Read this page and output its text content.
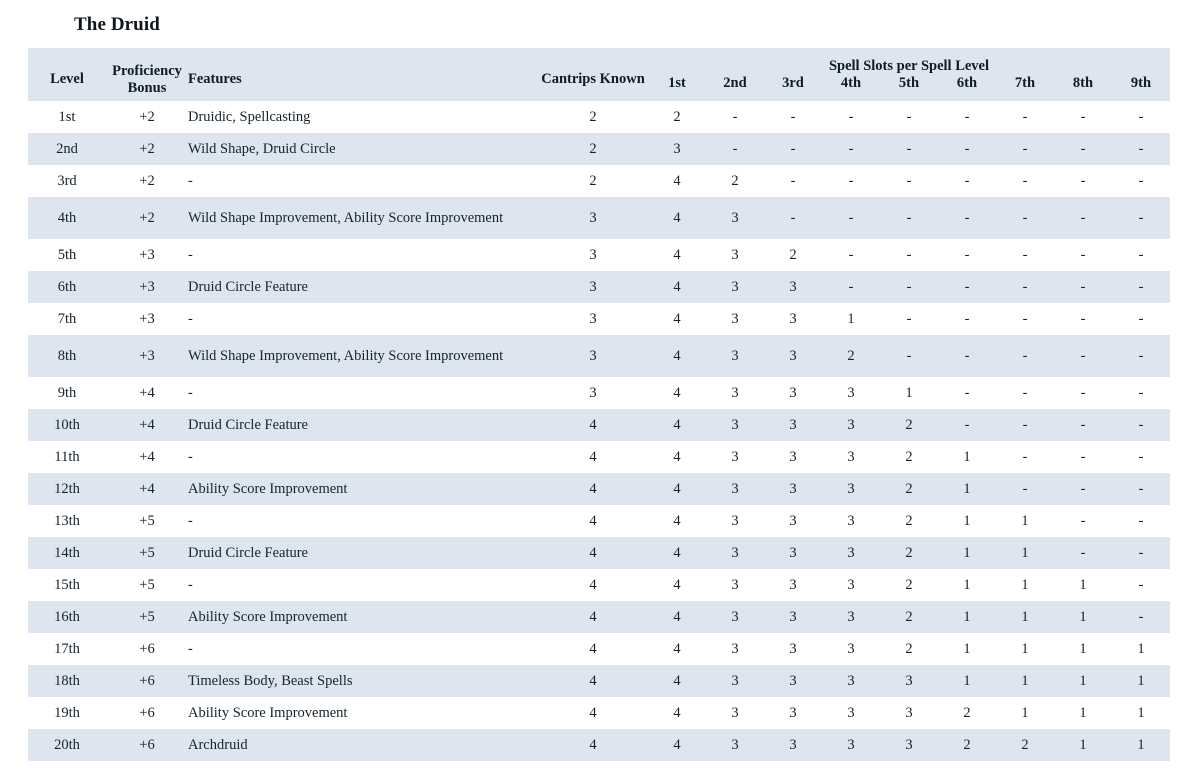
The Druid
Level	Proficiency Bonus	Features	Cantrips Known	Spell Slots per Spell Level								
				1st	2nd	3rd	4th	5th	6th	7th	8th	9th
1st	+2	Druidic, Spellcasting	2	2	-	-	-	-	-	-	-	-
2nd	+2	Wild Shape, Druid Circle	2	3	-	-	-	-	-	-	-	-
3rd	+2	-	2	4	2	-	-	-	-	-	-	-
4th	+2	Wild Shape Improvement, Ability Score Improvement	3	4	3	-	-	-	-	-	-	-
5th	+3	-	3	4	3	2	-	-	-	-	-	-
6th	+3	Druid Circle Feature	3	4	3	3	-	-	-	-	-	-
7th	+3	-	3	4	3	3	1	-	-	-	-	-
8th	+3	Wild Shape Improvement, Ability Score Improvement	3	4	3	3	2	-	-	-	-	-
9th	+4	-	3	4	3	3	3	1	-	-	-	-
10th	+4	Druid Circle Feature	4	4	3	3	3	2	-	-	-	-
11th	+4	-	4	4	3	3	3	2	1	-	-	-
12th	+4	Ability Score Improvement	4	4	3	3	3	2	1	-	-	-
13th	+5	-	4	4	3	3	3	2	1	1	-	-
14th	+5	Druid Circle Feature	4	4	3	3	3	2	1	1	-	-
15th	+5	-	4	4	3	3	3	2	1	1	1	-
16th	+5	Ability Score Improvement	4	4	3	3	3	2	1	1	1	-
17th	+6	-	4	4	3	3	3	2	1	1	1	1
18th	+6	Timeless Body, Beast Spells	4	4	3	3	3	3	1	1	1	1
19th	+6	Ability Score Improvement	4	4	3	3	3	3	2	1	1	1
20th	+6	Archdruid	4	4	3	3	3	3	2	2	1	1
